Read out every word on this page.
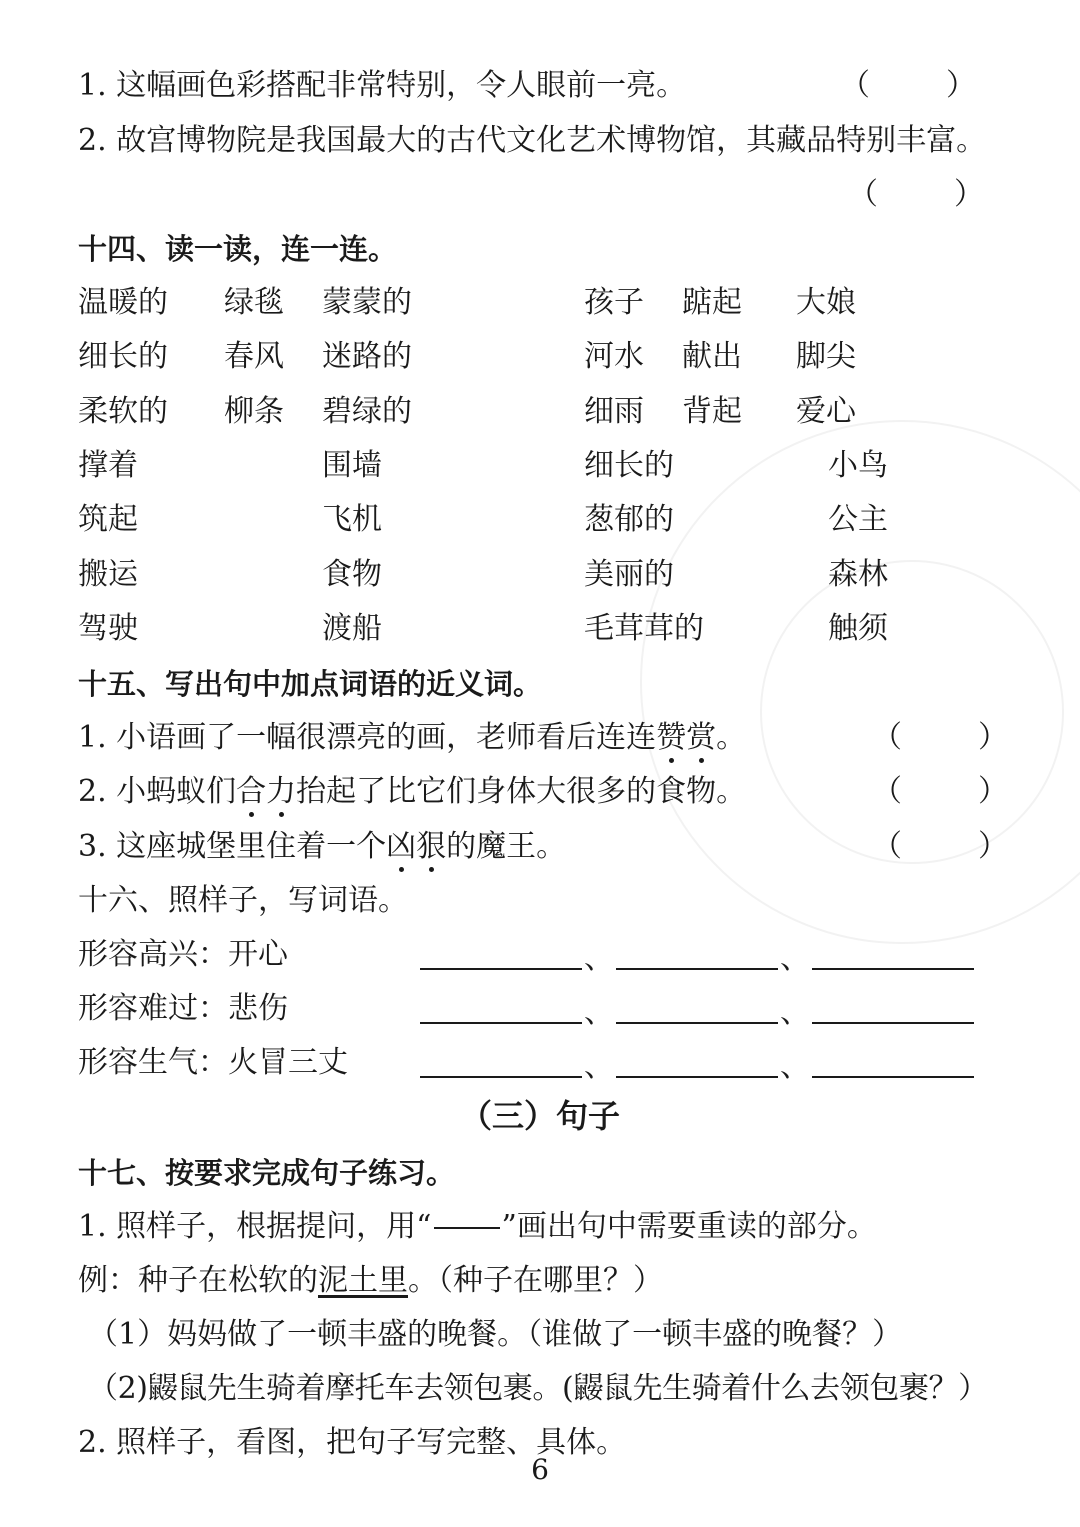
1. 这幅画色彩搭配非常特别，令人眼前一亮。	（	）
2. 故宫博物院是我国最大的古代文化艺术博物馆，其藏品特别丰富。
（	）
十四、读一读，连一连。
温暖的 绿毯 蒙蒙的	孩子 踮起 大娘
细长的 春风 迷路的	河水 献出 脚尖
柔软的 柳条 碧绿的	细雨 背起 爱心
撑着	围墙	细长的	小鸟
筑起	飞机	葱郁的	公主
搬运	食物	美丽的	森林
驾驶	渡船	毛茸茸的	触须
十五、写出句中加点词语的近义词。
1. 小语画了一幅很漂亮的画，老师看后连连赞赏。	（	）
2. 小蚂蚁们合力抬起了比它们身体大很多的食物。	（	）
3. 这座城堡里住着一个凶狠的魔王。	（	）
十六、照样子，写词语。
形容高兴：开心	、	、
形容难过：悲伤	、	、
形容生气：火冒三丈	、	、
（三）句子
十七、按要求完成句子练习。
1. 照样子，根据提问，用“ ”画出句中需要重读的部分。
例：种子在松软的泥土里。（种子在哪里？）
（1）妈妈做了一顿丰盛的晚餐。（谁做了一顿丰盛的晚餐？）
（2)鼹鼠先生骑着摩托车去领包裹。(鼹鼠先生骑着什么去领包裹？）
2. 照样子，看图，把句子写完整、具体。
6
